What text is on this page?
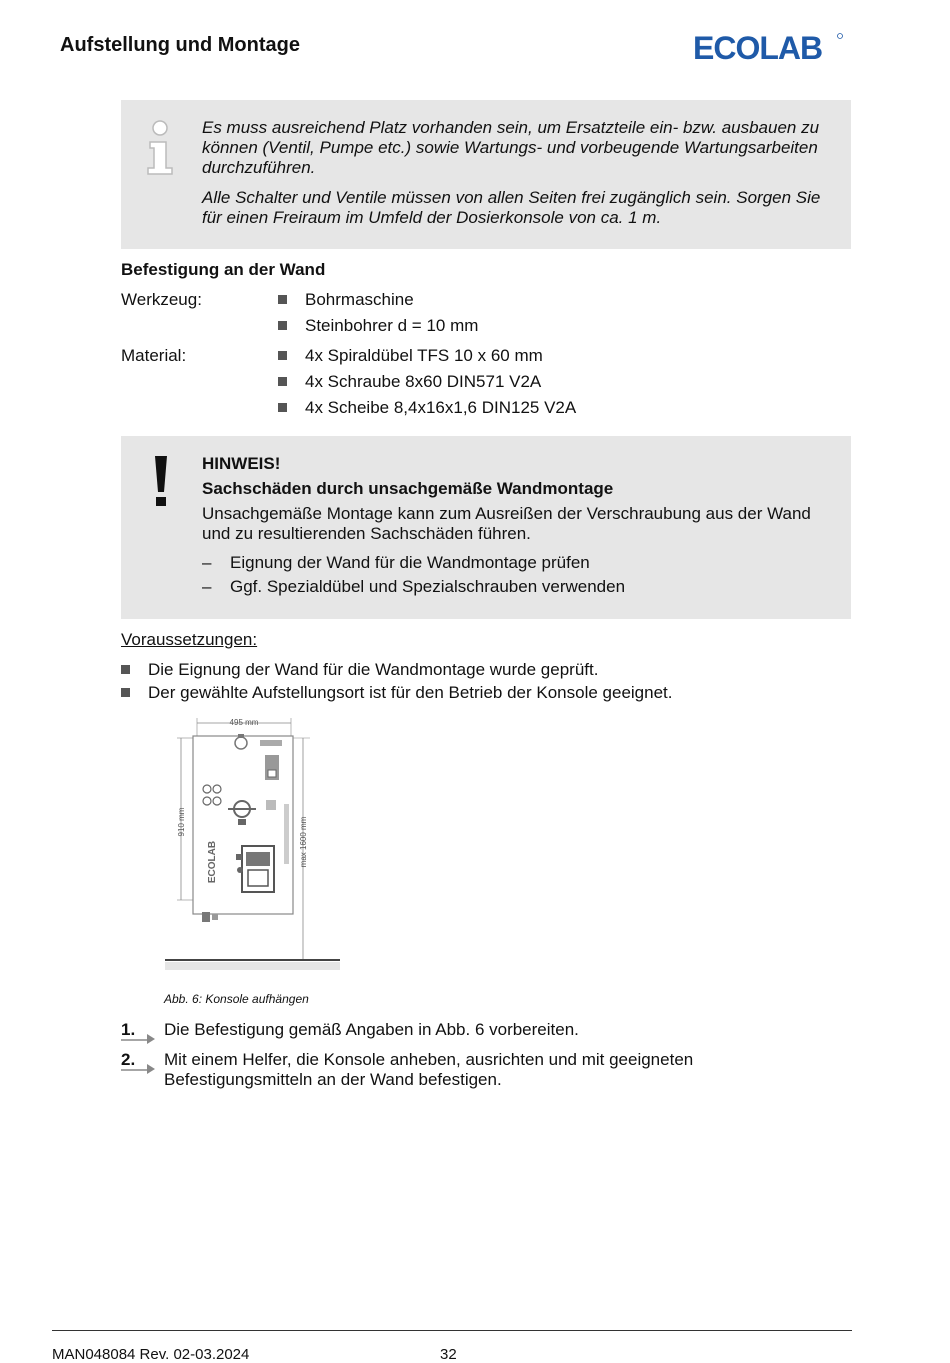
Aufstellung und Montage	ECOLAB

Es muss ausreichend Platz vorhanden sein, um Ersatzteile ein- bzw. ausbauen zu können (Ventil, Pumpe etc.) sowie Wartungs- und vorbeugende Wartungsarbeiten durchzuführen.

Alle Schalter und Ventile müssen von allen Seiten frei zugänglich sein. Sorgen Sie für einen Freiraum im Umfeld der Dosierkonsole von ca. 1 m.

Befestigung an der Wand
Werkzeug:	Bohrmaschine
Steinbohrer d = 10 mm
Material:	4x Spiraldübel TFS 10 x 60 mm
4x Schraube 8x60 DIN571 V2A
4x Scheibe 8,4x16x1,6 DIN125 V2A
HINWEIS!
Sachschäden durch unsachgemäße Wandmontage
Unsachgemäße Montage kann zum Ausreißen der Verschraubung aus der Wand und zu resultierenden Sachschäden führen.
– Eignung der Wand für die Wandmontage prüfen
– Ggf. Spezialdübel und Spezialschrauben verwenden
Voraussetzungen:
Die Eignung der Wand für die Wandmontage wurde geprüft.
Der gewählte Aufstellungsort ist für den Betrieb der Konsole geeignet.
495 mm
910 mm	max 1600 mm
ECOLAB
Abb. 6: Konsole aufhängen
1. Die Befestigung gemäß Angaben in Abb. 6 vorbereiten.
2. Mit einem Helfer, die Konsole anheben, ausrichten und mit geeigneten Befestigungsmitteln an der Wand befestigen.
MAN048084 Rev. 02-03.2024	32
